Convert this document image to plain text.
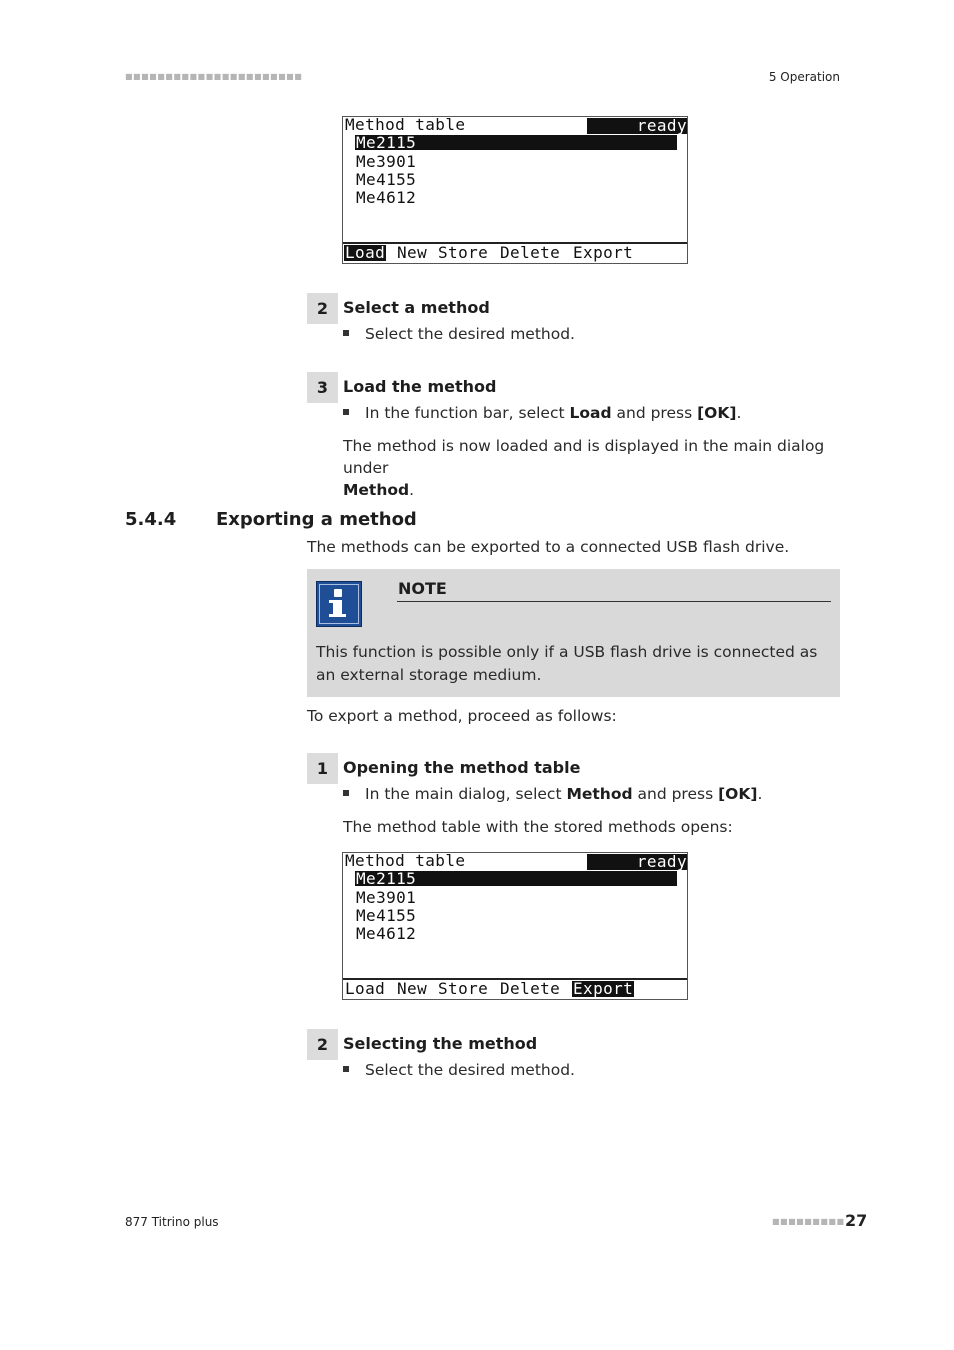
■■■■■■■■■■■■■■■■■■■■■■	5 Operation
Method table	ready
Me2115
Me3901
Me4155
Me4612
Load New Store Delete Export
2 Select a method
Select the desired method.
3 Load the method
In the function bar, select Load and press [OK].
The method is now loaded and is displayed in the main dialog under
Method.
5.4.4 Exporting a method
The methods can be exported to a connected USB flash drive.
NOTE
This function is possible only if a USB flash drive is connected as an external storage medium.
To export a method, proceed as follows:
1 Opening the method table
In the main dialog, select Method and press [OK].
The method table with the stored methods opens:
Method table	ready
Me2115
Me3901
Me4155
Me4612
Load New Store Delete Export
2 Selecting the method
Select the desired method.
877 Titrino plus	■■■■■■■■■ 27
